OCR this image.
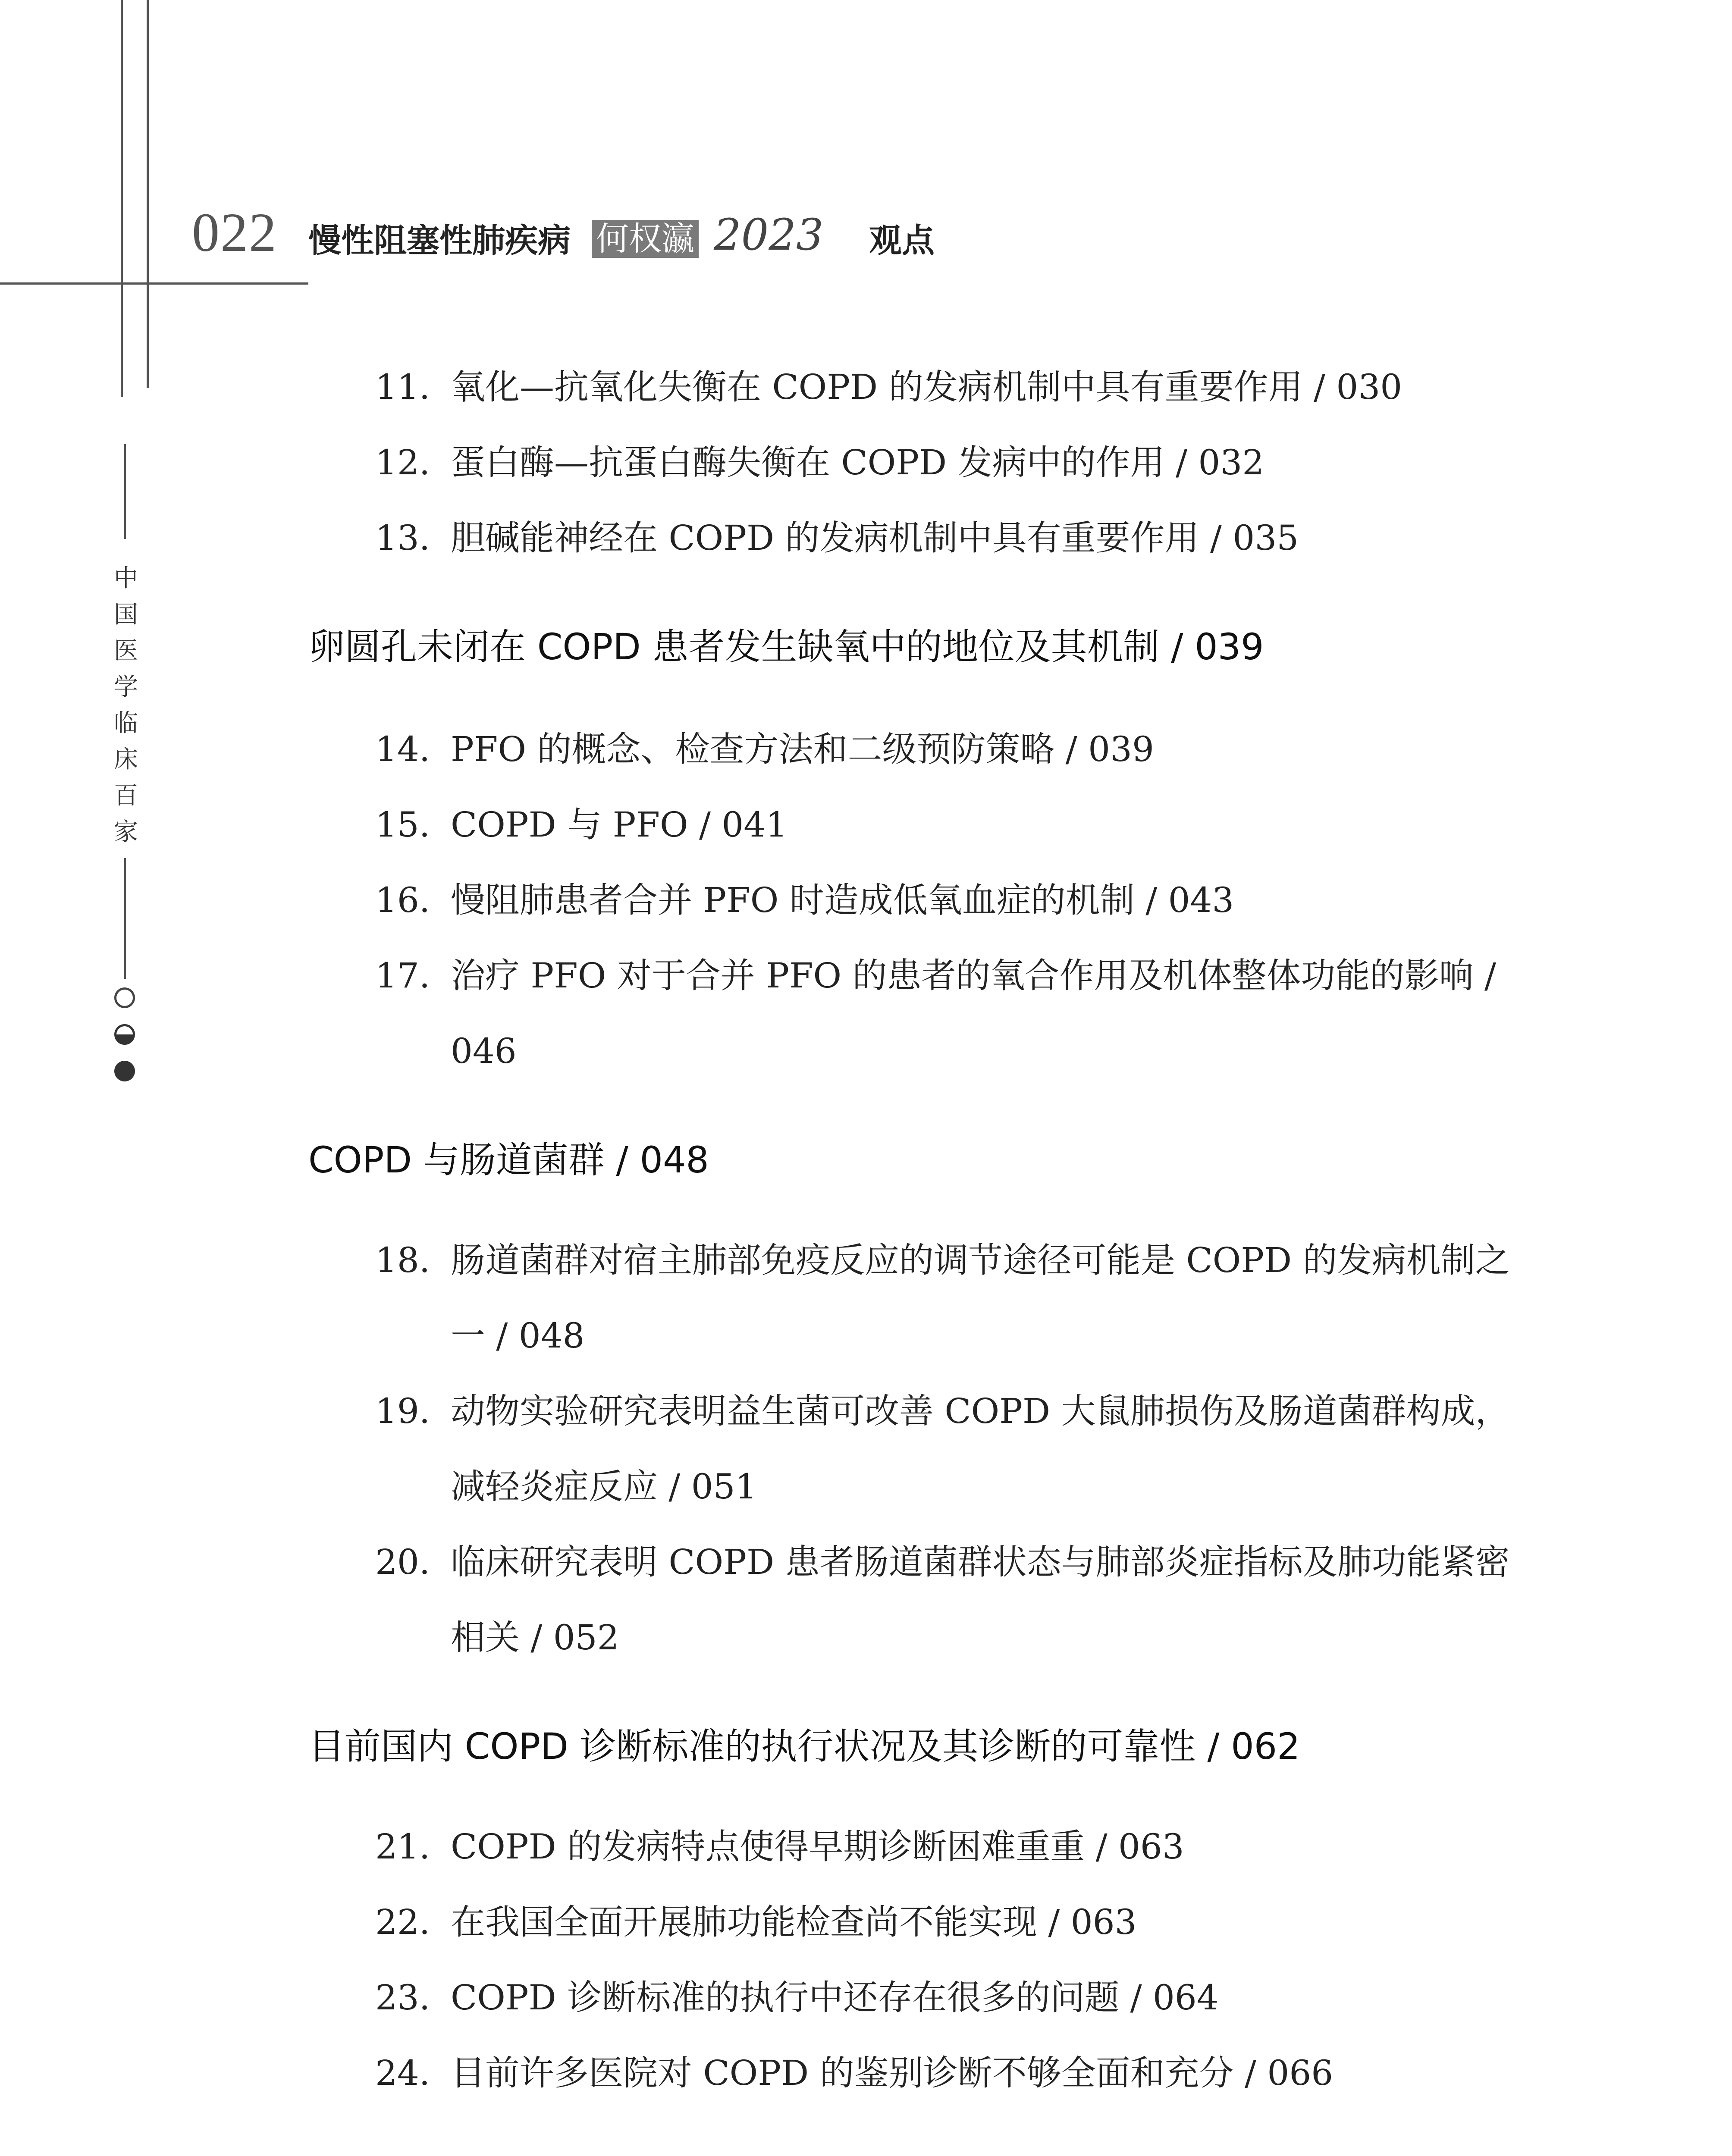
022 慢性阻塞性肺疾病 何权瀛 2023 观点
中
国
医
学
临
床
百
家
11. 氧化—抗氧化失衡在 COPD 的发病机制中具有重要作用 / 030
12. 蛋白酶—抗蛋白酶失衡在 COPD 发病中的作用 / 032
13. 胆碱能神经在 COPD 的发病机制中具有重要作用 / 035
卵圆孔未闭在 COPD 患者发生缺氧中的地位及其机制 / 039
14. PFO 的概念、检查方法和二级预防策略 / 039
15. COPD 与 PFO / 041
16. 慢阻肺患者合并 PFO 时造成低氧血症的机制 / 043
17. 治疗 PFO 对于合并 PFO 的患者的氧合作用及机体整体功能的影响 / 046
COPD 与肠道菌群 / 048
18. 肠道菌群对宿主肺部免疫反应的调节途径可能是 COPD 的发病机制之一 / 048
19. 动物实验研究表明益生菌可改善 COPD 大鼠肺损伤及肠道菌群构成，减轻炎症反应 / 051
20. 临床研究表明 COPD 患者肠道菌群状态与肺部炎症指标及肺功能紧密相关 / 052
目前国内 COPD 诊断标准的执行状况及其诊断的可靠性 / 062
21. COPD 的发病特点使得早期诊断困难重重 / 063
22. 在我国全面开展肺功能检查尚不能实现 / 063
23. COPD 诊断标准的执行中还存在很多的问题 / 064
24. 目前许多医院对 COPD 的鉴别诊断不够全面和充分 / 066
